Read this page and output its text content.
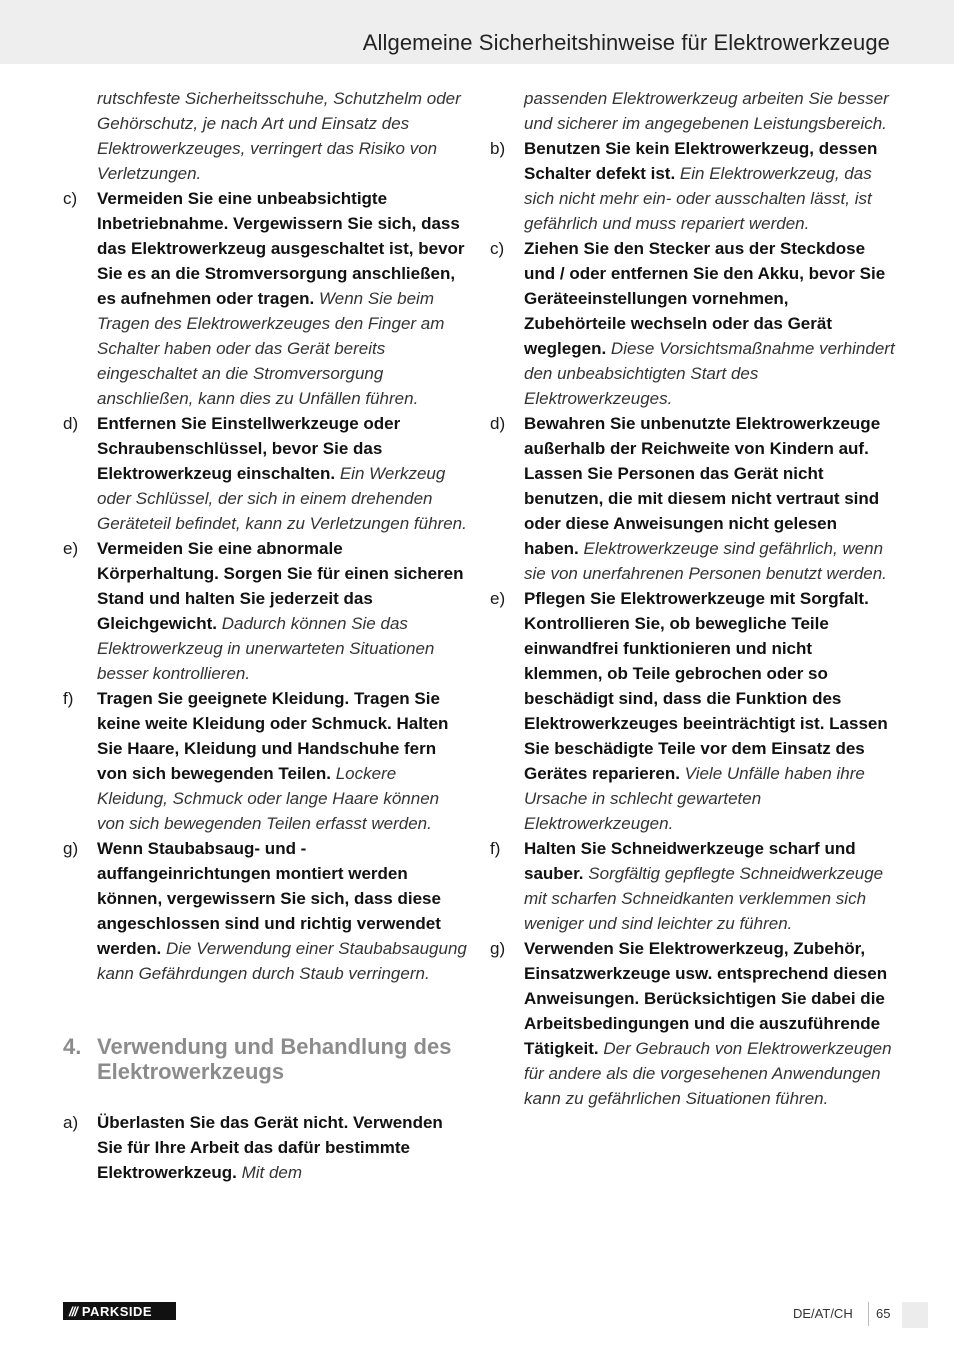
Allgemeine Sicherheitshinweise für Elektrowerkzeuge
rutschfeste Sicherheitsschuhe, Schutzhelm oder Gehörschutz, je nach Art und Einsatz des Elektrowerkzeuges, verringert das Risiko von Verletzungen.
c)	Vermeiden Sie eine unbeabsichtigte Inbetriebnahme. Vergewissern Sie sich, dass das Elektrowerkzeug ausgeschaltet ist, bevor Sie es an die Stromversorgung anschließen, es aufnehmen oder tragen. Wenn Sie beim Tragen des Elektrowerkzeuges den Finger am Schalter haben oder das Gerät bereits eingeschaltet an die Stromversorgung anschließen, kann dies zu Unfällen führen.
d)	Entfernen Sie Einstellwerkzeuge oder Schraubenschlüssel, bevor Sie das Elektrowerkzeug einschalten. Ein Werkzeug oder Schlüssel, der sich in einem drehenden Geräteteil befindet, kann zu Verletzungen führen.
e)	Vermeiden Sie eine abnormale Körperhaltung. Sorgen Sie für einen sicheren Stand und halten Sie jederzeit das Gleichgewicht. Dadurch können Sie das Elektrowerkzeug in unerwarteten Situationen besser kontrollieren.
f)	Tragen Sie geeignete Kleidung. Tragen Sie keine weite Kleidung oder Schmuck. Halten Sie Haare, Kleidung und Handschuhe fern von sich bewegenden Teilen. Lockere Kleidung, Schmuck oder lange Haare können von sich bewegenden Teilen erfasst werden.
g)	Wenn Staubabsaug- und -auffangeinrichtungen montiert werden können, vergewissern Sie sich, dass diese angeschlossen sind und richtig verwendet werden. Die Verwendung einer Staubabsaugung kann Gefährdungen durch Staub verringern.
4. Verwendung und Behandlung des Elektrowerkzeugs
a)	Überlasten Sie das Gerät nicht. Verwenden Sie für Ihre Arbeit das dafür bestimmte Elektrowerkzeug. Mit dem
passenden Elektrowerkzeug arbeiten Sie besser und sicherer im angegebenen Leistungsbereich.
b)	Benutzen Sie kein Elektrowerkzeug, dessen Schalter defekt ist. Ein Elektrowerkzeug, das sich nicht mehr ein- oder ausschalten lässt, ist gefährlich und muss repariert werden.
c)	Ziehen Sie den Stecker aus der Steckdose und / oder entfernen Sie den Akku, bevor Sie Geräteeinstellungen vornehmen, Zubehörteile wechseln oder das Gerät weglegen. Diese Vorsichtsmaßnahme verhindert den unbeabsichtigten Start des Elektrowerkzeuges.
d)	Bewahren Sie unbenutzte Elektrowerkzeuge außerhalb der Reichweite von Kindern auf. Lassen Sie Personen das Gerät nicht benutzen, die mit diesem nicht vertraut sind oder diese Anweisungen nicht gelesen haben. Elektrowerkzeuge sind gefährlich, wenn sie von unerfahrenen Personen benutzt werden.
e)	Pflegen Sie Elektrowerkzeuge mit Sorgfalt. Kontrollieren Sie, ob bewegliche Teile einwandfrei funktionieren und nicht klemmen, ob Teile gebrochen oder so beschädigt sind, dass die Funktion des Elektrowerkzeuges beeinträchtigt ist. Lassen Sie beschädigte Teile vor dem Einsatz des Gerätes reparieren. Viele Unfälle haben ihre Ursache in schlecht gewarteten Elektrowerkzeugen.
f)	Halten Sie Schneidwerkzeuge scharf und sauber. Sorgfältig gepflegte Schneidwerkzeuge mit scharfen Schneidkanten verklemmen sich weniger und sind leichter zu führen.
g)	Verwenden Sie Elektrowerkzeug, Zubehör, Einsatzwerkzeuge usw. entsprechend diesen Anweisungen. Berücksichtigen Sie dabei die Arbeitsbedingungen und die auszuführende Tätigkeit. Der Gebrauch von Elektrowerkzeugen für andere als die vorgesehenen Anwendungen kann zu gefährlichen Situationen führen.
/// PARKSIDE	DE/AT/CH 65
